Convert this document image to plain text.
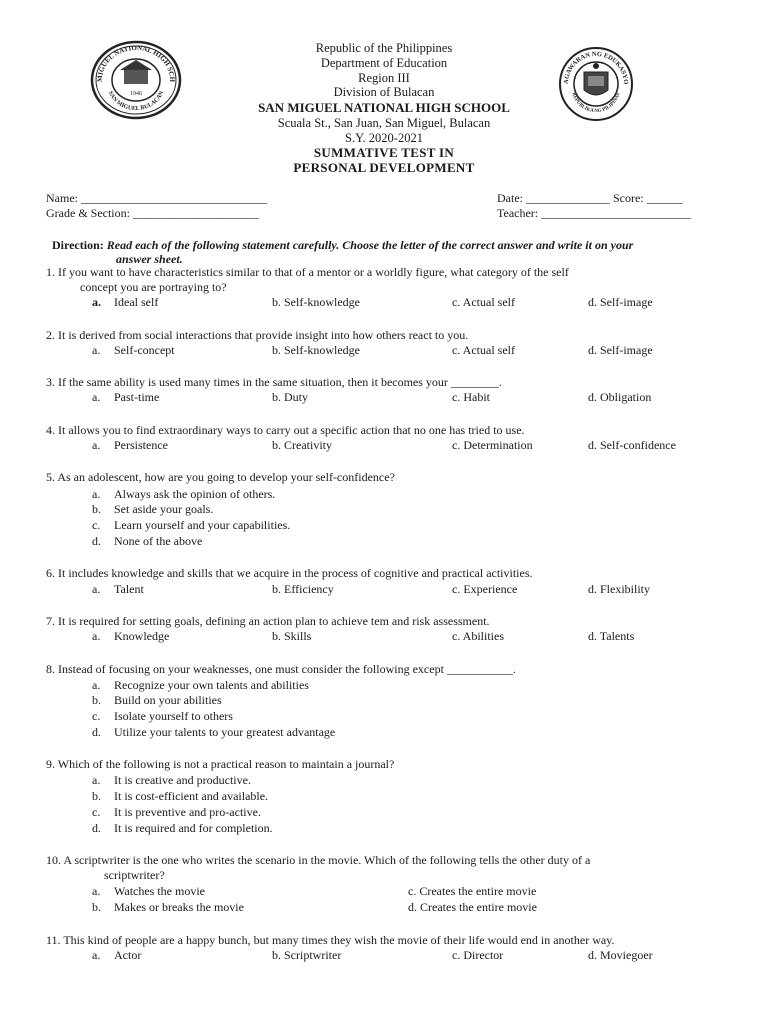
MIGUEL NATIONAL HIGH SCH
SAN MIGUEL BULACAN
1946
AGAWARAN NG EDUKASYO
REPUBLIKA NG PILIPINAS
Republic of the Philippines
Department of Education
Region III
Division of Bulacan
SAN MIGUEL NATIONAL HIGH SCHOOL
Scuala St., San Juan, San Miguel, Bulacan
S.Y. 2020-2021
SUMMATIVE TEST IN
PERSONAL DEVELOPMENT
Name: _______________________________	Date: ______________ Score: ______
Grade & Section: _____________________	Teacher: _________________________
Direction: Read each of the following statement carefully. Choose the letter of the correct answer and write it on your
answer sheet.
1. If you want to have characteristics similar to that of a mentor or a worldly figure, what category of the self
concept you are portraying to?
a. Ideal self	b. Self-knowledge	c. Actual self	d. Self-image
2. It is derived from social interactions that provide insight into how others react to you.
a. Self-concept	b. Self-knowledge	c. Actual self	d. Self-image
3. If the same ability is used many times in the same situation, then it becomes your ________.
a. Past-time	b. Duty	c. Habit	d. Obligation
4. It allows you to find extraordinary ways to carry out a specific action that no one has tried to use.
a. Persistence	b. Creativity	c. Determination	d. Self-confidence
5. As an adolescent, how are you going to develop your self-confidence?
a. Always ask the opinion of others.
b. Set aside your goals.
c. Learn yourself and your capabilities.
d. None of the above
6. It includes knowledge and skills that we acquire in the process of cognitive and practical activities.
a. Talent	b. Efficiency	c. Experience	d. Flexibility
7. It is required for setting goals, defining an action plan to achieve tem and risk assessment.
a. Knowledge	b. Skills	c. Abilities	d. Talents
8. Instead of focusing on your weaknesses, one must consider the following except ___________.
a. Recognize your own talents and abilities
b. Build on your abilities
c. Isolate yourself to others
d. Utilize your talents to your greatest advantage
9. Which of the following is not a practical reason to maintain a journal?
a. It is creative and productive.
b. It is cost-efficient and available.
c. It is preventive and pro-active.
d. It is required and for completion.
10. A scriptwriter is the one who writes the scenario in the movie. Which of the following tells the other duty of a
scriptwriter?
a. Watches the movie	c. Creates the entire movie
b. Makes or breaks the movie	d. Creates the entire movie
11. This kind of people are a happy bunch, but many times they wish the movie of their life would end in another way.
a. Actor	b. Scriptwriter	c. Director	d. Moviegoer
